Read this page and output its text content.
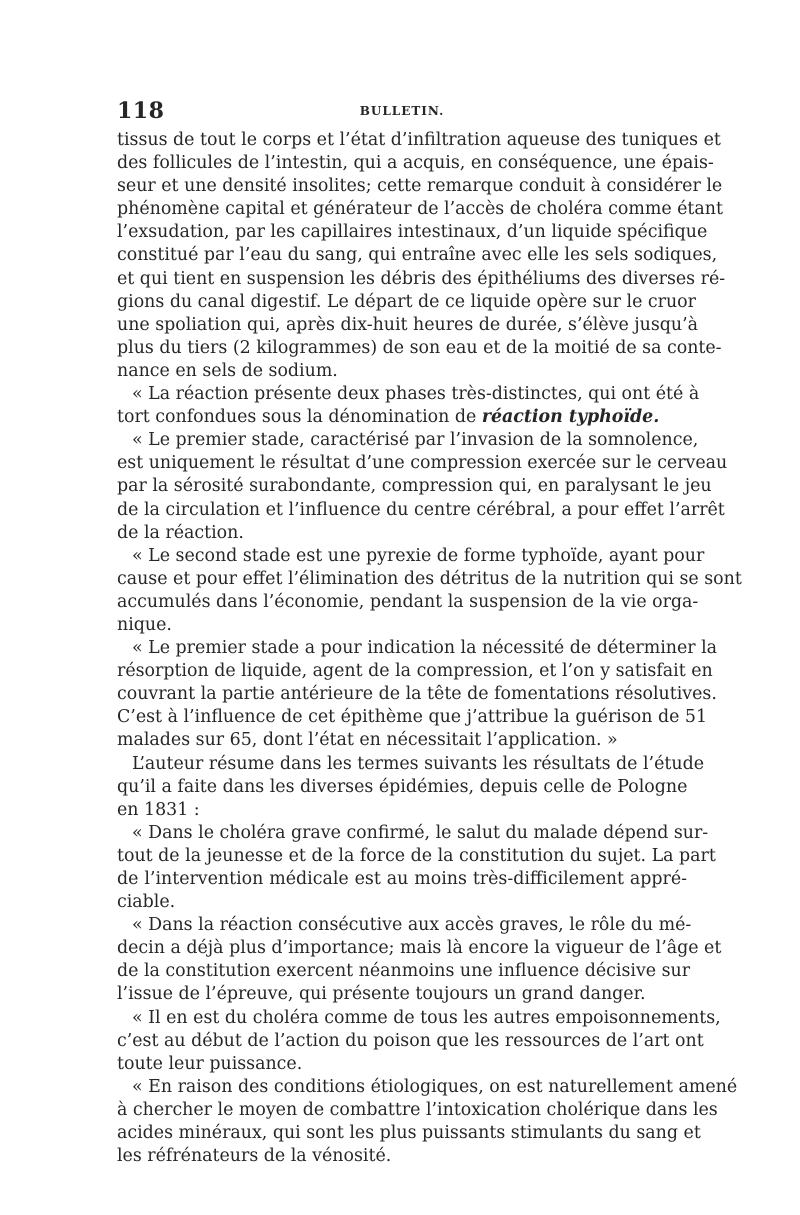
118	BULLETIN.

tissus de tout le corps et l’état d’infiltration aqueuse des tuniques et
des follicules de l’intestin, qui a acquis, en conséquence, une épais-
seur et une densité insolites; cette remarque conduit à considérer le
phénomène capital et générateur de l’accès de choléra comme étant
l’exsudation, par les capillaires intestinaux, d’un liquide spécifique
constitué par l’eau du sang, qui entraîne avec elle les sels sodiques,
et qui tient en suspension les débris des épithéliums des diverses ré-
gions du canal digestif. Le départ de ce liquide opère sur le cruor
une spoliation qui, après dix-huit heures de durée, s’élève jusqu’à
plus du tiers (2 kilogrammes) de son eau et de la moitié de sa conte-
nance en sels de sodium.

« La réaction présente deux phases très-distinctes, qui ont été à
tort confondues sous la dénomination de réaction typhoïde.

« Le premier stade, caractérisé par l’invasion de la somnolence,
est uniquement le résultat d’une compression exercée sur le cerveau
par la sérosité surabondante, compression qui, en paralysant le jeu
de la circulation et l’influence du centre cérébral, a pour effet l’arrêt
de la réaction.

« Le second stade est une pyrexie de forme typhoïde, ayant pour
cause et pour effet l’élimination des détritus de la nutrition qui se sont
accumulés dans l’économie, pendant la suspension de la vie orga-
nique.

« Le premier stade a pour indication la nécessité de déterminer la
résorption de liquide, agent de la compression, et l’on y satisfait en
couvrant la partie antérieure de la tête de fomentations résolutives.
C’est à l’influence de cet épithème que j’attribue la guérison de 51
malades sur 65, dont l’état en nécessitait l’application. »

L’auteur résume dans les termes suivants les résultats de l’étude
qu’il a faite dans les diverses épidémies, depuis celle de Pologne
en 1831 :

« Dans le choléra grave confirmé, le salut du malade dépend sur-
tout de la jeunesse et de la force de la constitution du sujet. La part
de l’intervention médicale est au moins très-difficilement appré-
ciable.

« Dans la réaction consécutive aux accès graves, le rôle du mé-
decin a déjà plus d’importance; mais là encore la vigueur de l’âge et
de la constitution exercent néanmoins une influence décisive sur
l’issue de l’épreuve, qui présente toujours un grand danger.

« Il en est du choléra comme de tous les autres empoisonnements,
c’est au début de l’action du poison que les ressources de l’art ont
toute leur puissance.

« En raison des conditions étiologiques, on est naturellement amené
à chercher le moyen de combattre l’intoxication cholérique dans les
acides minéraux, qui sont les plus puissants stimulants du sang et
les réfrénateurs de la vénosité.
